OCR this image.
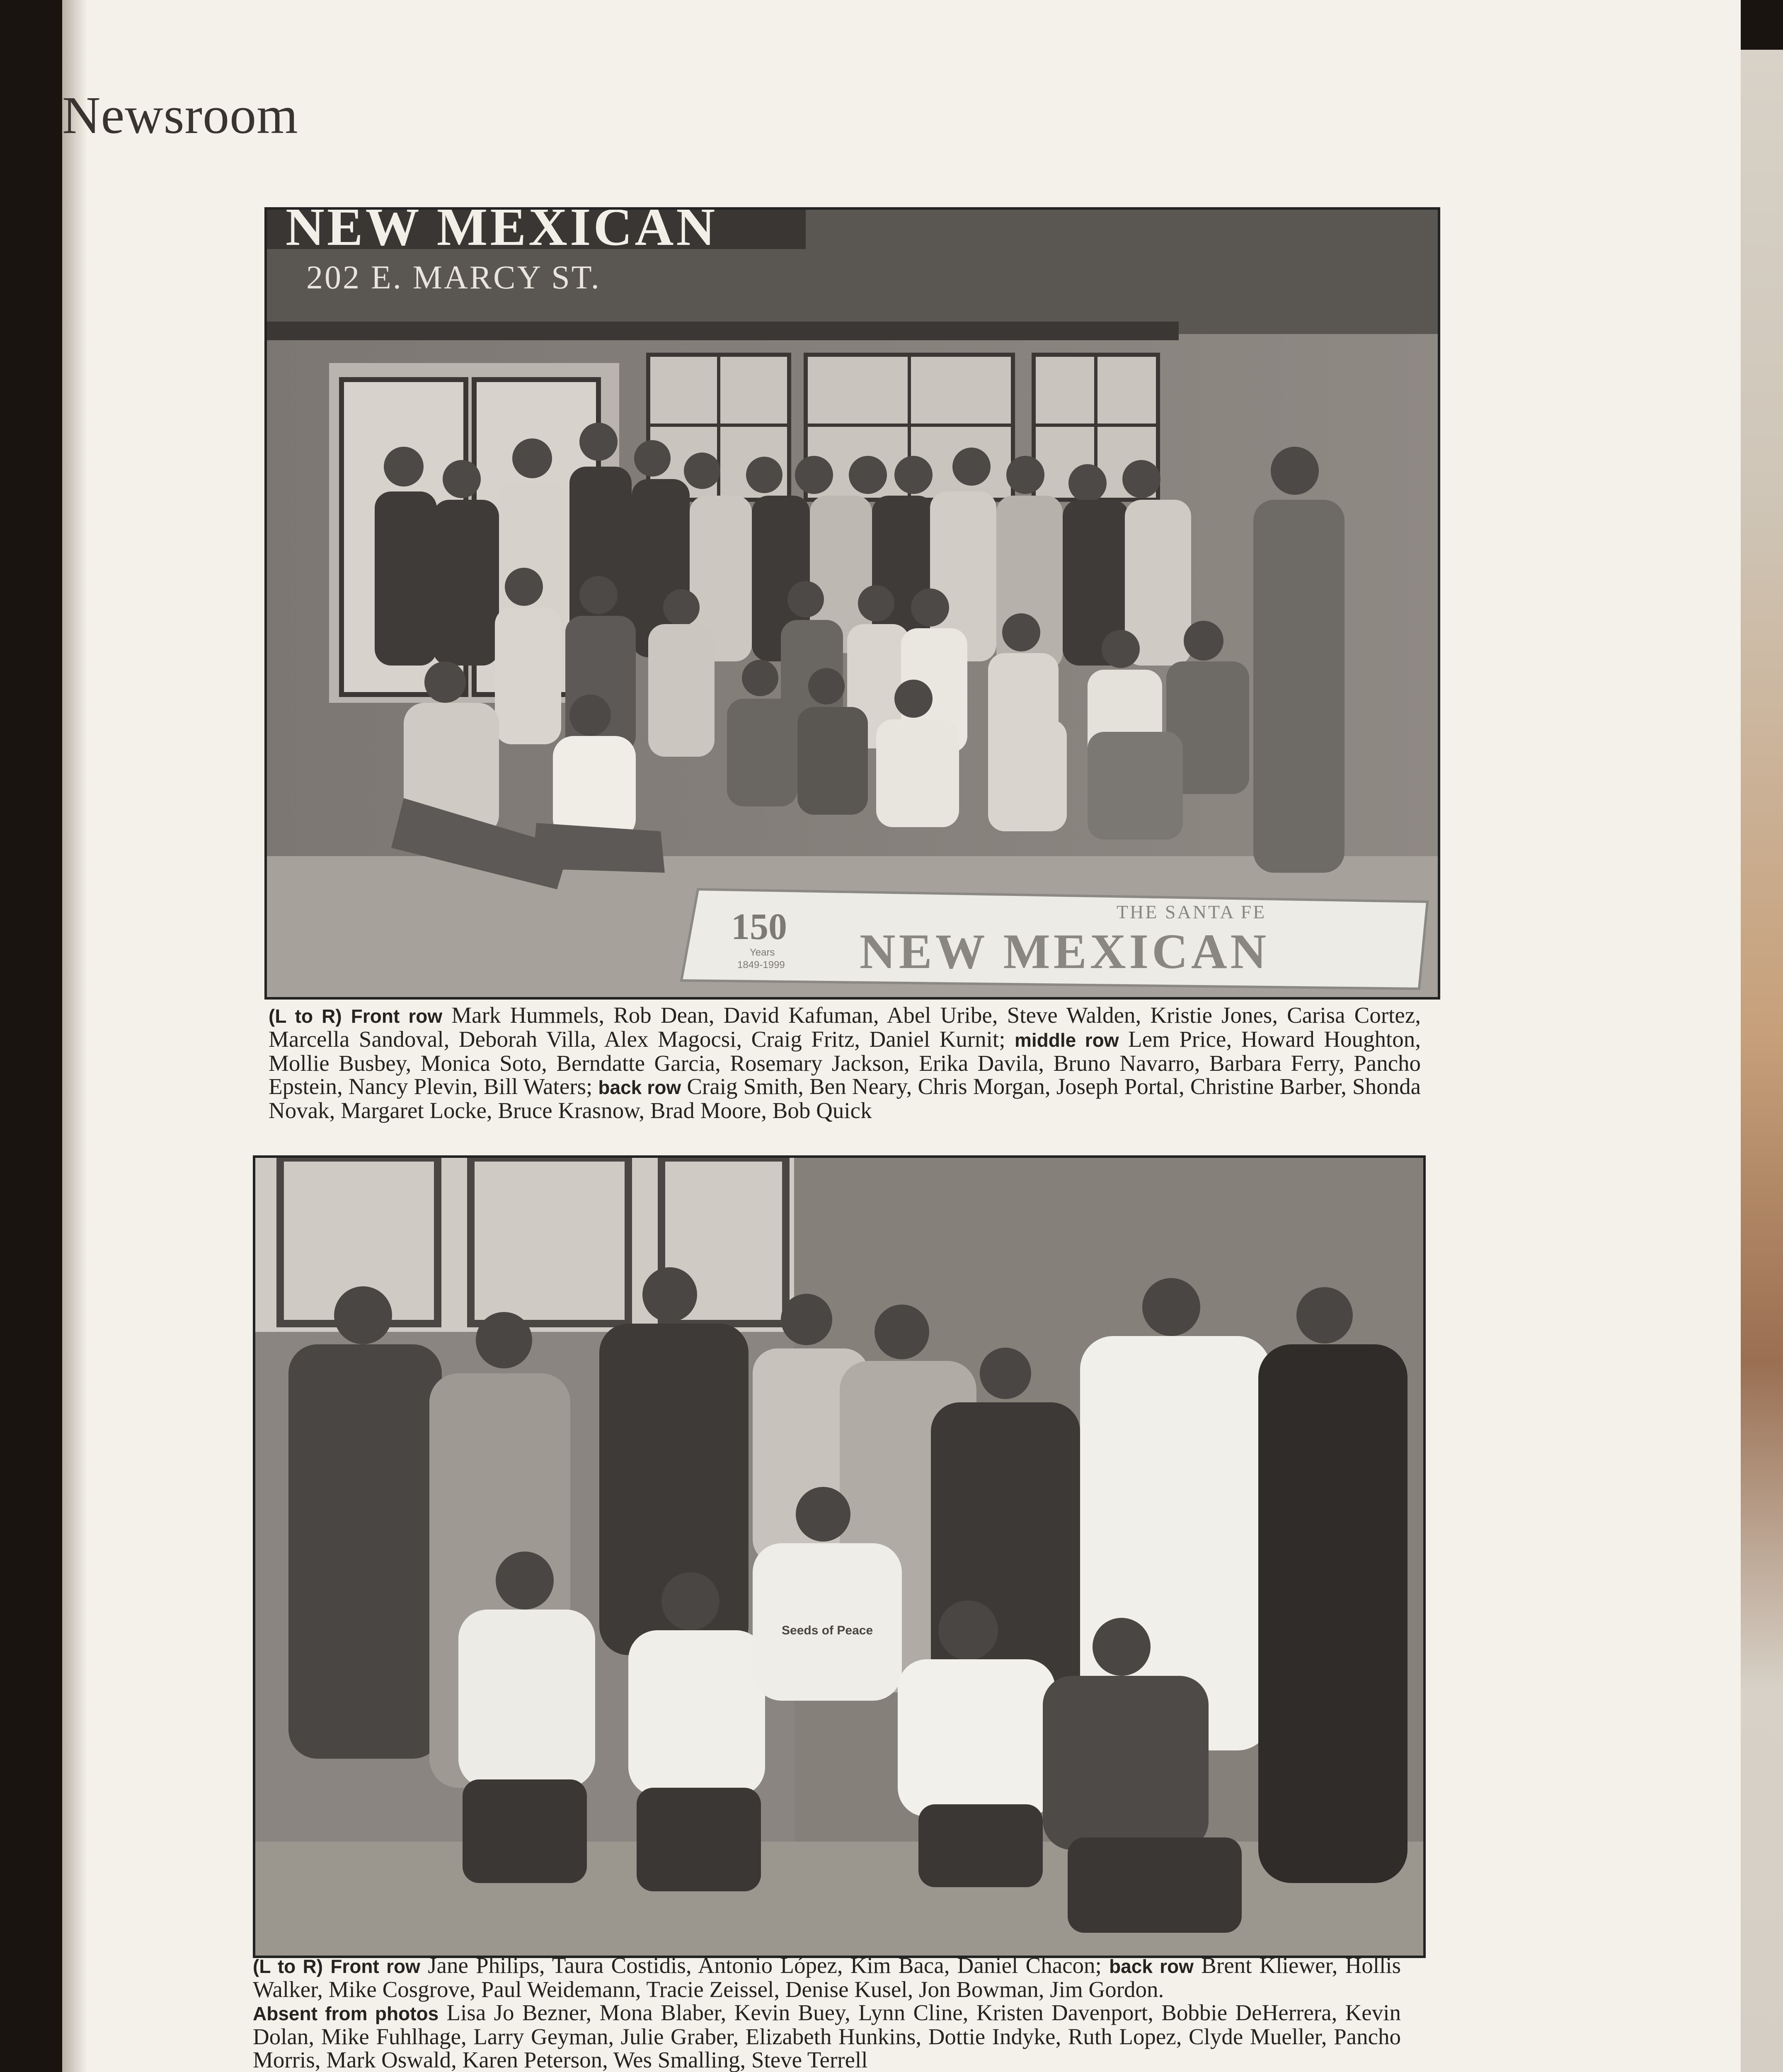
Newsroom
NEW MEXICAN
202 E. MARCY ST.
150
Years
1849-1999
THE SANTA FE
NEW MEXICAN
(L to R) Front row Mark Hummels, Rob Dean, David Kafuman, Abel Uribe, Steve Walden, Kristie Jones, Carisa Cortez, Marcella Sandoval, Deborah Villa, Alex Magocsi, Craig Fritz, Daniel Kurnit; middle row Lem Price, Howard Houghton, Mollie Busbey, Monica Soto, Berndatte Garcia, Rosemary Jackson, Erika Davila, Bruno Navarro, Barbara Ferry, Pancho Epstein, Nancy Plevin, Bill Waters; back row Craig Smith, Ben Neary, Chris Morgan, Joseph Portal, Christine Barber, Shonda Novak, Margaret Locke, Bruce Krasnow, Brad Moore, Bob Quick
Seeds of Peace
(L to R) Front row Jane Philips, Taura Costidis, Antonio López, Kim Baca, Daniel Chacon; back row Brent Kliewer, Hollis Walker, Mike Cosgrove, Paul Weidemann, Tracie Zeissel, Denise Kusel, Jon Bowman, Jim Gordon.
Absent from photos Lisa Jo Bezner, Mona Blaber, Kevin Buey, Lynn Cline, Kristen Davenport, Bobbie DeHerrera, Kevin Dolan, Mike Fuhlhage, Larry Geyman, Julie Graber, Elizabeth Hunkins, Dottie Indyke, Ruth Lopez, Clyde Mueller, Pancho Morris, Mark Oswald, Karen Peterson, Wes Smalling, Steve Terrell
